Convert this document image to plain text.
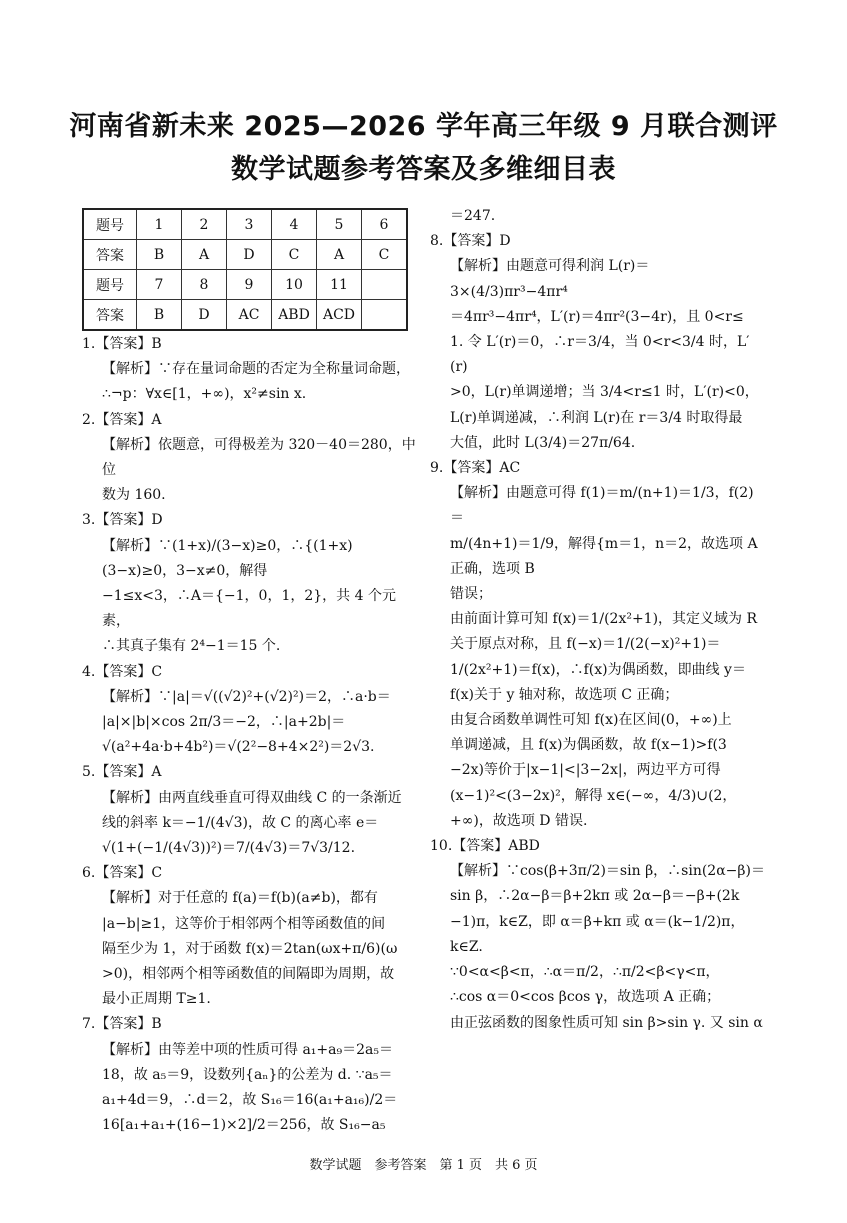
河南省新未来 2025—2026 学年高三年级 9 月联合测评
数学试题参考答案及多维细目表
题号	1	2	3	4	5	6
答案	B	A	D	C	A	C
题号	7	8	9	10	11	
答案	B	D	AC	ABD	ACD	

1.【答案】B

【解析】∵存在量词命题的否定为全称量词命题，

∴¬p：∀x∈[1，+∞)，x²≠sin x.

2.【答案】A

【解析】依题意，可得极差为 320－40＝280，中位

数为 160.

3.【答案】D

【解析】∵(1+x)/(3−x)≥0，∴{(1+x)(3−x)≥0，3−x≠0，解得

−1≤x<3，∴A＝{−1，0，1，2}，共 4 个元素，

∴其真子集有 2⁴−1＝15 个.

4.【答案】C

【解析】∵|a|＝√((√2)²+(√2)²)＝2，∴a·b＝

|a|×|b|×cos 2π/3＝−2，∴|a+2b|＝

√(a²+4a·b+4b²)＝√(2²−8+4×2²)＝2√3.

5.【答案】A

【解析】由两直线垂直可得双曲线 C 的一条渐近

线的斜率 k＝−1/(4√3)，故 C 的离心率 e＝

√(1+(−1/(4√3))²)＝7/(4√3)＝7√3/12.

6.【答案】C

【解析】对于任意的 f(a)＝f(b)(a≠b)，都有

|a−b|≥1，这等价于相邻两个相等函数值的间

隔至少为 1，对于函数 f(x)＝2tan(ωx+π/6)(ω

>0)，相邻两个相等函数值的间隔即为周期，故

最小正周期 T≥1.

7.【答案】B

【解析】由等差中项的性质可得 a₁+a₉＝2a₅＝

18，故 a₅＝9，设数列{aₙ}的公差为 d. ∵a₅＝

a₁+4d＝9，∴d＝2，故 S₁₆＝16(a₁+a₁₆)/2＝

16[a₁+a₁+(16−1)×2]/2＝256，故 S₁₆−a₅

＝247.

8.【答案】D

【解析】由题意可得利润 L(r)＝3×(4/3)πr³−4πr⁴

＝4πr³−4πr⁴，L′(r)＝4πr²(3−4r)，且 0<r≤

1. 令 L′(r)＝0，∴r＝3/4，当 0<r<3/4 时，L′(r)

>0，L(r)单调递增；当 3/4<r≤1 时，L′(r)<0，

L(r)单调递减，∴利润 L(r)在 r＝3/4 时取得最

大值，此时 L(3/4)＝27π/64.

9.【答案】AC

【解析】由题意可得 f(1)＝m/(n+1)＝1/3，f(2)＝

m/(4n+1)＝1/9，解得{m＝1，n＝2，故选项 A 正确，选项 B

错误；

由前面计算可知 f(x)＝1/(2x²+1)，其定义域为 R

关于原点对称，且 f(−x)＝1/(2(−x)²+1)＝

1/(2x²+1)＝f(x)，∴f(x)为偶函数，即曲线 y＝

f(x)关于 y 轴对称，故选项 C 正确；

由复合函数单调性可知 f(x)在区间(0，+∞)上

单调递减，且 f(x)为偶函数，故 f(x−1)>f(3

−2x)等价于|x−1|<|3−2x|，两边平方可得

(x−1)²<(3−2x)²，解得 x∈(−∞，4/3)∪(2，

+∞)，故选项 D 错误.

10.【答案】ABD

【解析】∵cos(β+3π/2)＝sin β，∴sin(2α−β)＝

sin β，∴2α−β＝β+2kπ 或 2α−β＝−β+(2k

−1)π，k∈Z，即 α＝β+kπ 或 α＝(k−1/2)π，

k∈Z.

∵0<α<β<π，∴α＝π/2，∴π/2<β<γ<π，

∴cos α＝0<cos βcos γ，故选项 A 正确；

由正弦函数的图象性质可知 sin β>sin γ. 又 sin α

数学试题　参考答案　第 1 页　共 6 页
